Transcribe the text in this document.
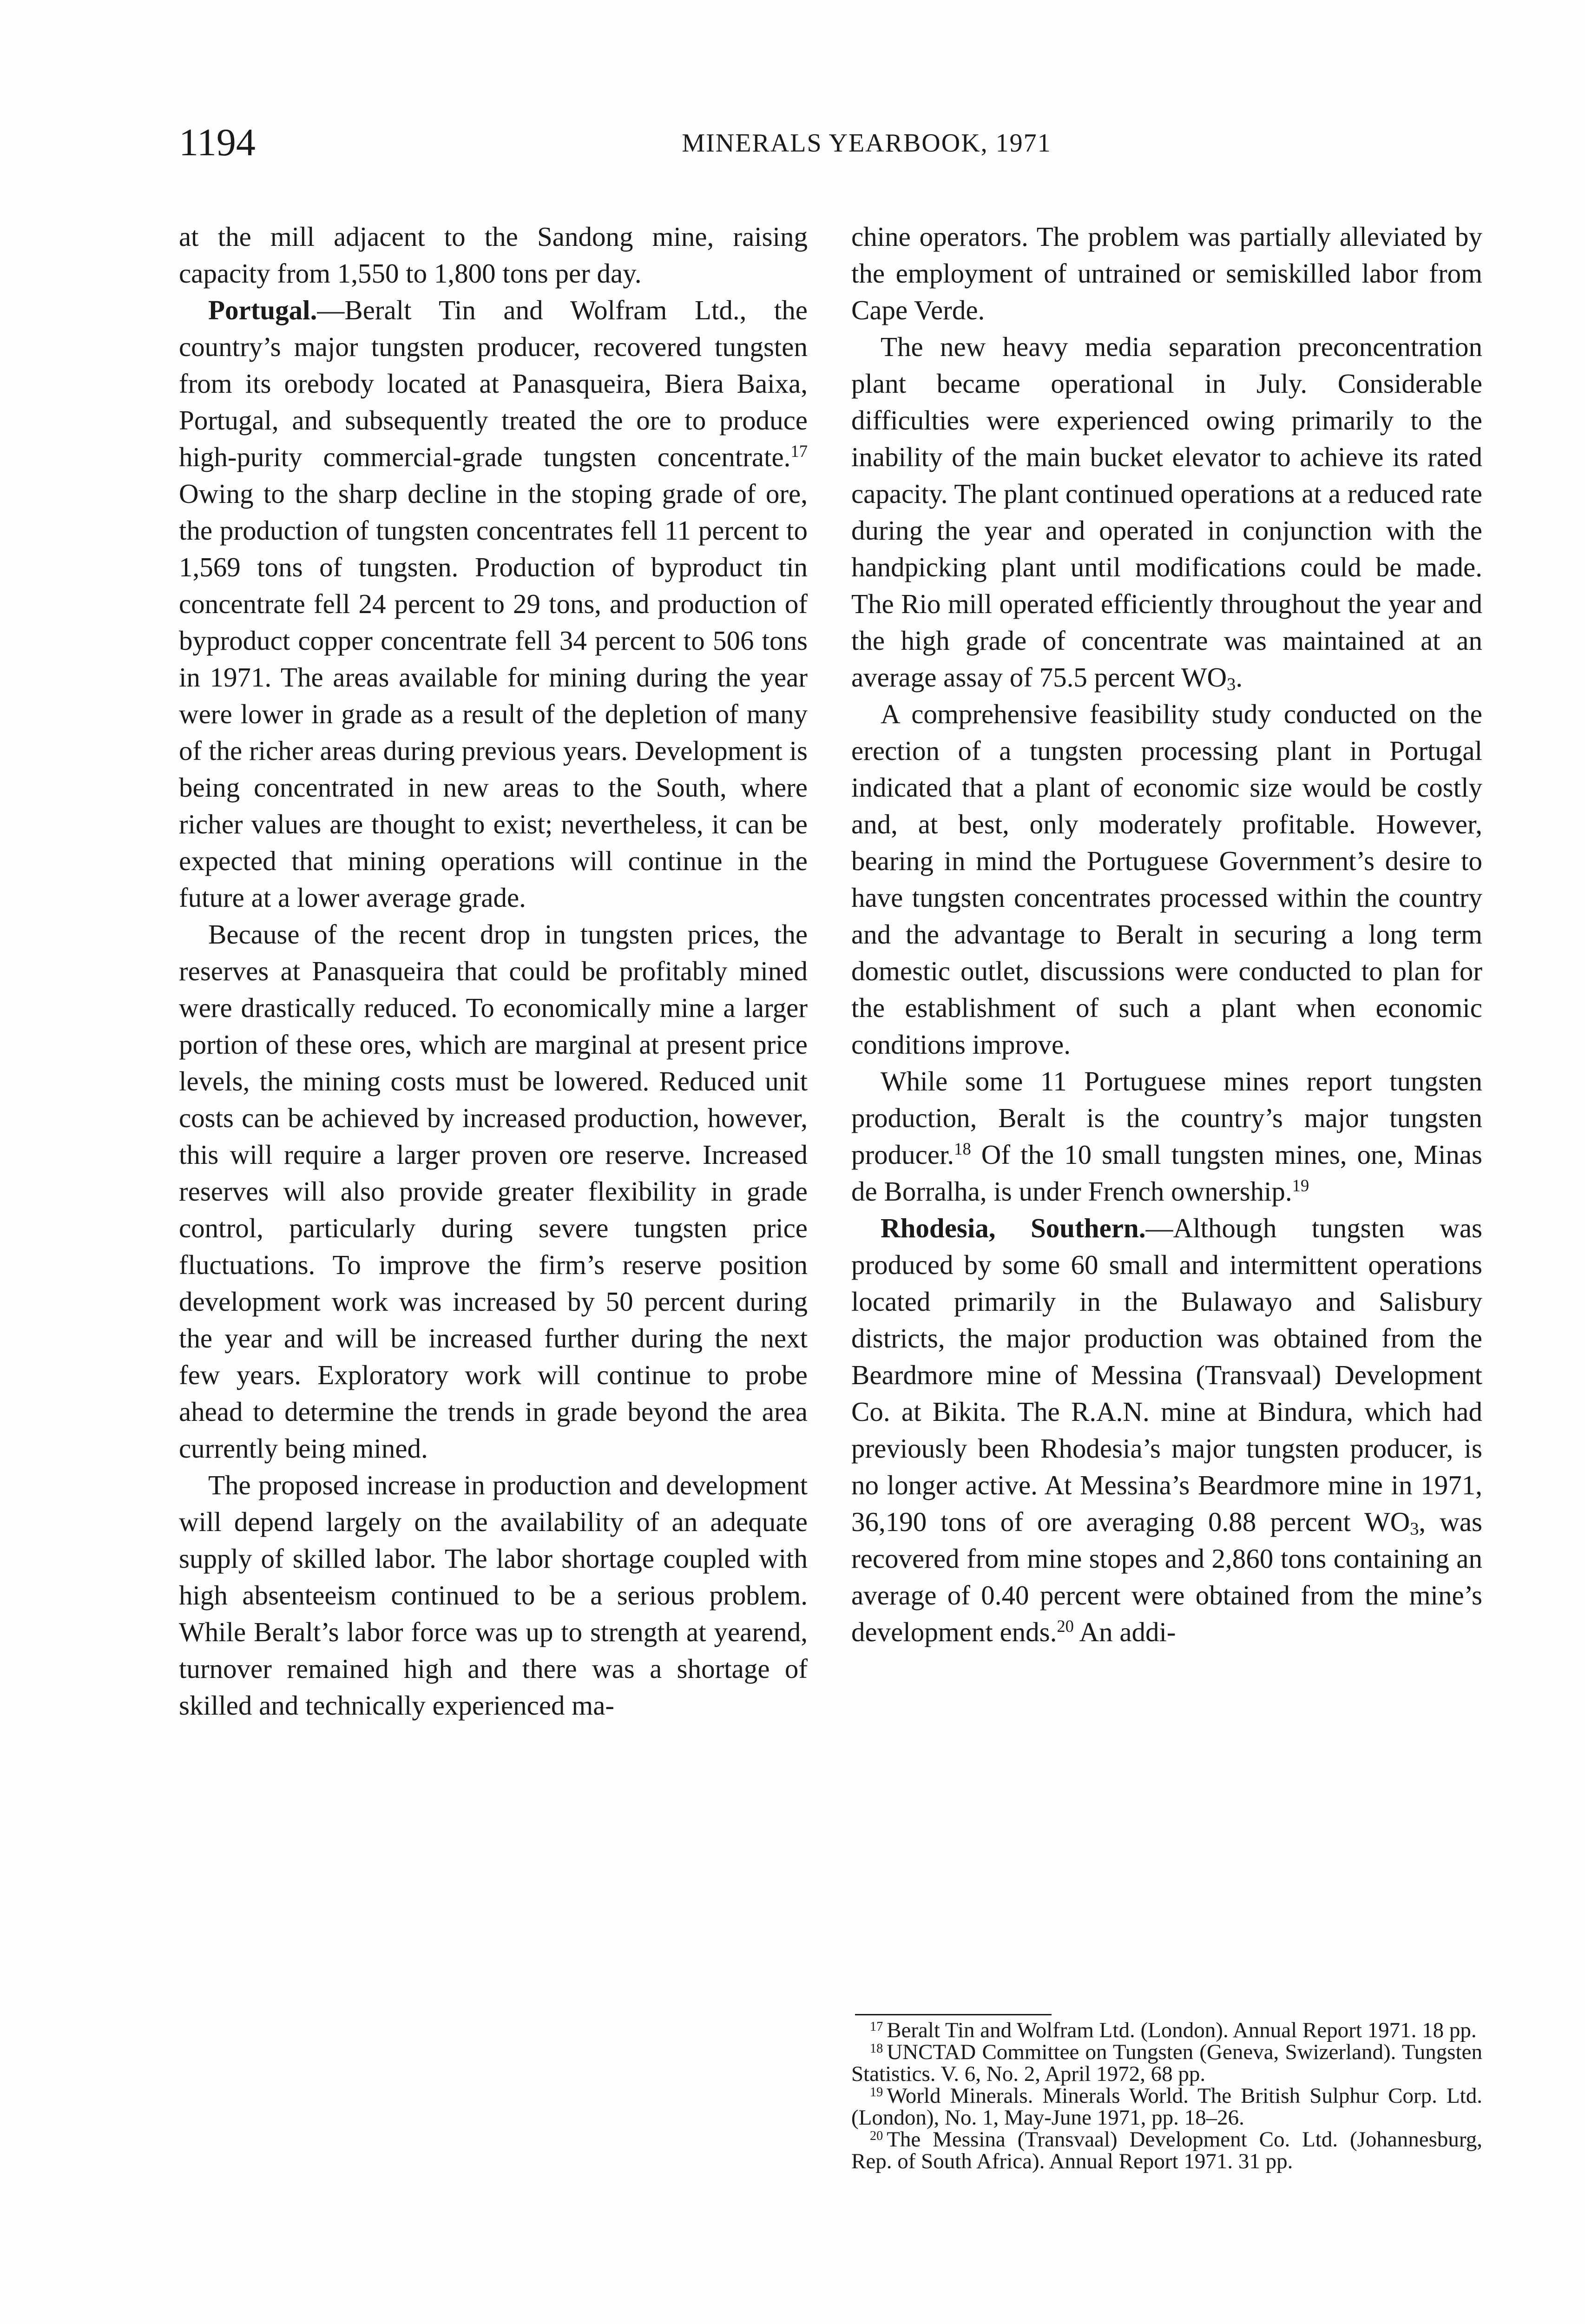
1194	MINERALS YEARBOOK, 1971

at the mill adjacent to the Sandong mine, raising capacity from 1,550 to 1,800 tons per day.

Portugal.—Beralt Tin and Wolfram Ltd., the country’s major tungsten producer, recovered tungsten from its orebody located at Panasqueira, Biera Baixa, Portugal, and subsequently treated the ore to produce high-purity commercial-grade tungsten concentrate.$^{17}$ Owing to the sharp decline in the stoping grade of ore, the production of tungsten concentrates fell 11 percent to 1,569 tons of tungsten. Production of byproduct tin concentrate fell 24 percent to 29 tons, and production of byproduct copper concentrate fell 34 percent to 506 tons in 1971. The areas available for mining during the year were lower in grade as a result of the depletion of many of the richer areas during previous years. Development is being concentrated in new areas to the South, where richer values are thought to exist; nevertheless, it can be expected that mining operations will continue in the future at a lower average grade.

Because of the recent drop in tungsten prices, the reserves at Panasqueira that could be profitably mined were drastically reduced. To economically mine a larger portion of these ores, which are marginal at present price levels, the mining costs must be lowered. Reduced unit costs can be achieved by increased production, however, this will require a larger proven ore reserve. Increased reserves will also provide greater flexibility in grade control, particularly during severe tungsten price fluctuations. To improve the firm’s reserve position development work was increased by 50 percent during the year and will be increased further during the next few years. Exploratory work will continue to probe ahead to determine the trends in grade beyond the area currently being mined.

The proposed increase in production and development will depend largely on the availability of an adequate supply of skilled labor. The labor shortage coupled with high absenteeism continued to be a serious problem. While Beralt’s labor force was up to strength at yearend, turnover remained high and there was a shortage of skilled and technically experienced ma-

chine operators. The problem was partially alleviated by the employment of untrained or semiskilled labor from Cape Verde.

The new heavy media separation preconcentration plant became operational in July. Considerable difficulties were experienced owing primarily to the inability of the main bucket elevator to achieve its rated capacity. The plant continued operations at a reduced rate during the year and operated in conjunction with the handpicking plant until modifications could be made. The Rio mill operated efficiently throughout the year and the high grade of concentrate was maintained at an average assay of 75.5 percent $WO_3$.

A comprehensive feasibility study conducted on the erection of a tungsten processing plant in Portugal indicated that a plant of economic size would be costly and, at best, only moderately profitable. However, bearing in mind the Portuguese Government’s desire to have tungsten concentrates processed within the country and the advantage to Beralt in securing a long term domestic outlet, discussions were conducted to plan for the establishment of such a plant when economic conditions improve.

While some 11 Portuguese mines report tungsten production, Beralt is the country’s major tungsten producer.$^{18}$ Of the 10 small tungsten mines, one, Minas de Borralha, is under French ownership.$^{19}$

Rhodesia, Southern.—Although tungsten was produced by some 60 small and intermittent operations located primarily in the Bulawayo and Salisbury districts, the major production was obtained from the Beardmore mine of Messina (Transvaal) Development Co. at Bikita. The R.A.N. mine at Bindura, which had previously been Rhodesia’s major tungsten producer, is no longer active. At Messina’s Beardmore mine in 1971, 36,190 tons of ore averaging 0.88 percent $WO_3$, was recovered from mine stopes and 2,860 tons containing an average of 0.40 percent were obtained from the mine’s development ends.$^{20}$ An addi-

$^{17}$ Beralt Tin and Wolfram Ltd. (London). Annual Report 1971. 18 pp.

$^{18}$ UNCTAD Committee on Tungsten (Geneva, Swizerland). Tungsten Statistics. V. 6, No. 2, April 1972, 68 pp.

$^{19}$ World Minerals. Minerals World. The British Sulphur Corp. Ltd. (London), No. 1, May-June 1971, pp. 18–26.

$^{20}$ The Messina (Transvaal) Development Co. Ltd. (Johannesburg, Rep. of South Africa). Annual Report 1971. 31 pp.
